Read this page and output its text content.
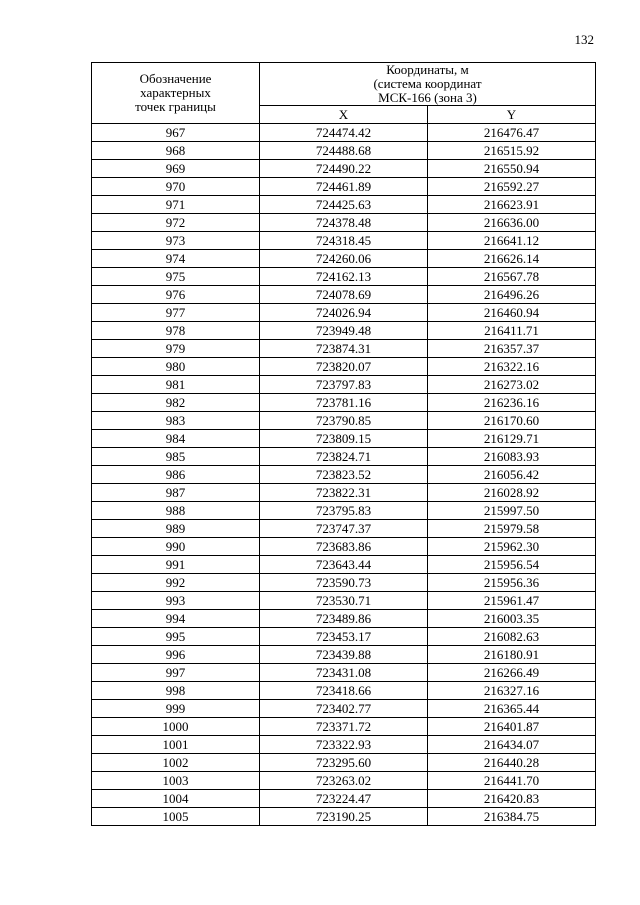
132
Обозначение
характерных
точек границы	Координаты, м
(система координат
МСК-166 (зона 3)	
	X	Y
967	724474.42	216476.47
968	724488.68	216515.92
969	724490.22	216550.94
970	724461.89	216592.27
971	724425.63	216623.91
972	724378.48	216636.00
973	724318.45	216641.12
974	724260.06	216626.14
975	724162.13	216567.78
976	724078.69	216496.26
977	724026.94	216460.94
978	723949.48	216411.71
979	723874.31	216357.37
980	723820.07	216322.16
981	723797.83	216273.02
982	723781.16	216236.16
983	723790.85	216170.60
984	723809.15	216129.71
985	723824.71	216083.93
986	723823.52	216056.42
987	723822.31	216028.92
988	723795.83	215997.50
989	723747.37	215979.58
990	723683.86	215962.30
991	723643.44	215956.54
992	723590.73	215956.36
993	723530.71	215961.47
994	723489.86	216003.35
995	723453.17	216082.63
996	723439.88	216180.91
997	723431.08	216266.49
998	723418.66	216327.16
999	723402.77	216365.44
1000	723371.72	216401.87
1001	723322.93	216434.07
1002	723295.60	216440.28
1003	723263.02	216441.70
1004	723224.47	216420.83
1005	723190.25	216384.75
